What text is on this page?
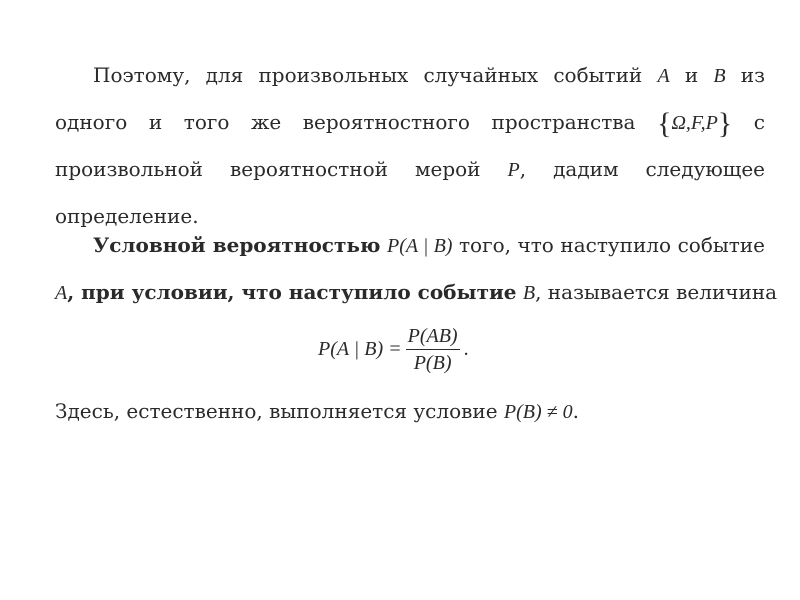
Поэтому, для произвольных случайных событий A и B из
одного и того же вероятностного пространства {Ω,F,P} с
произвольной вероятностной мерой P, дадим следующее
определение.
Условной вероятностью P(A | B) того, что наступило событие
A, при условии, что наступило событие B, называется величина
P(A | $B) = \frac{P(AB)}{P(B)}$ .
Здесь, естественно, выполняется условие P(B) ≠ 0.
